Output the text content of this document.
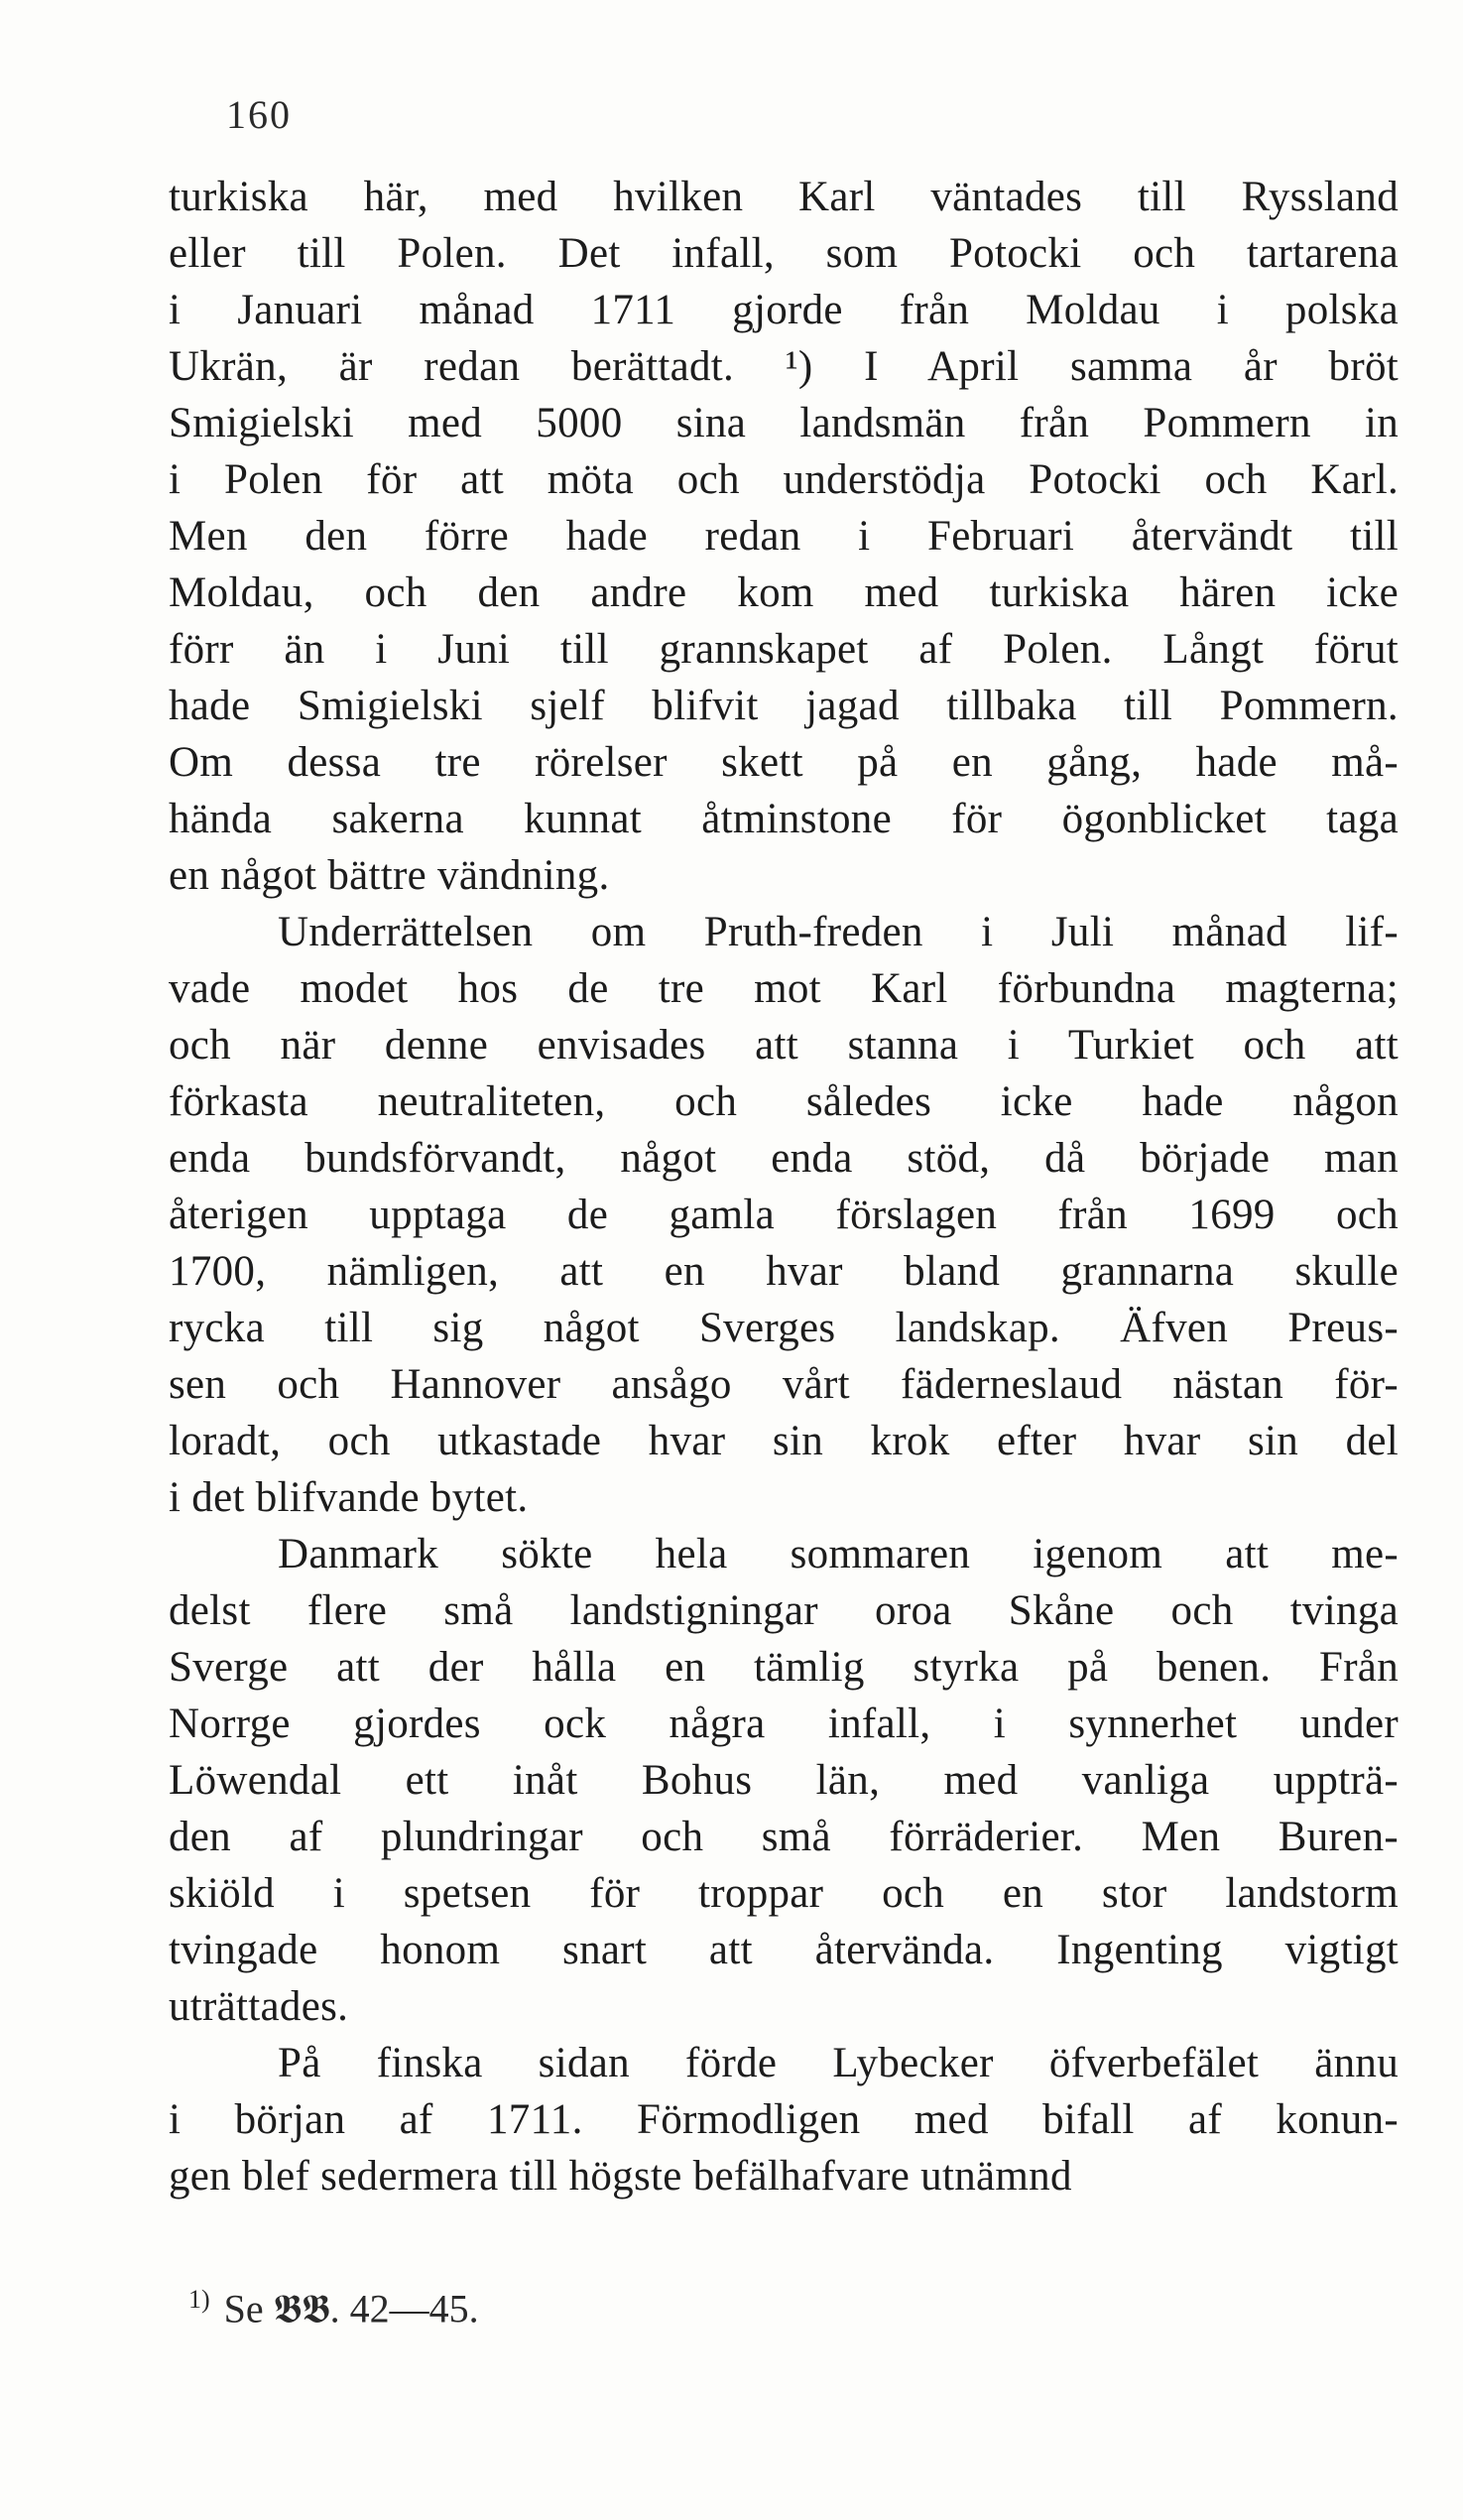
160
turkiska här, med hvilken Karl väntades till Ryssland
eller till Polen. Det infall, som Potocki och tartarena
i Januari månad 1711 gjorde från Moldau i polska
Ukrän, är redan berättadt. ¹) I April samma år bröt
Smigielski med 5000 sina landsmän från Pommern in
i Polen för att möta och understödja Potocki och Karl.
Men den förre hade redan i Februari återvändt till
Moldau, och den andre kom med turkiska hären icke
förr än i Juni till grannskapet af Polen. Långt förut
hade Smigielski sjelf blifvit jagad tillbaka till Pommern.
Om dessa tre rörelser skett på en gång, hade må-
hända sakerna kunnat åtminstone för ögonblicket taga
en något bättre vändning.
Underrättelsen om Pruth-freden i Juli månad lif-
vade modet hos de tre mot Karl förbundna magterna;
och när denne envisades att stanna i Turkiet och att
förkasta neutraliteten, och således icke hade någon
enda bundsförvandt, något enda stöd, då började man
återigen upptaga de gamla förslagen från 1699 och
1700, nämligen, att en hvar bland grannarna skulle
rycka till sig något Sverges landskap. Äfven Preus-
sen och Hannover ansågo vårt fäderneslaud nästan för-
loradt, och utkastade hvar sin krok efter hvar sin del
i det blifvande bytet.
Danmark sökte hela sommaren igenom att me-
delst flere små landstigningar oroa Skåne och tvinga
Sverge att der hålla en tämlig styrka på benen. Från
Norrge gjordes ock några infall, i synnerhet under
Löwendal ett inåt Bohus län, med vanliga uppträ-
den af plundringar och små förräderier. Men Buren-
skiöld i spetsen för troppar och en stor landstorm
tvingade honom snart att återvända. Ingenting vigtigt
uträttades.
På finska sidan förde Lybecker öfverbefälet ännu
i början af 1711. Förmodligen med bifall af konun-
gen blef sedermera till högste befälhafvare utnämnd
$^{1)}$ Se 𝕭𝕭. 42—45.
